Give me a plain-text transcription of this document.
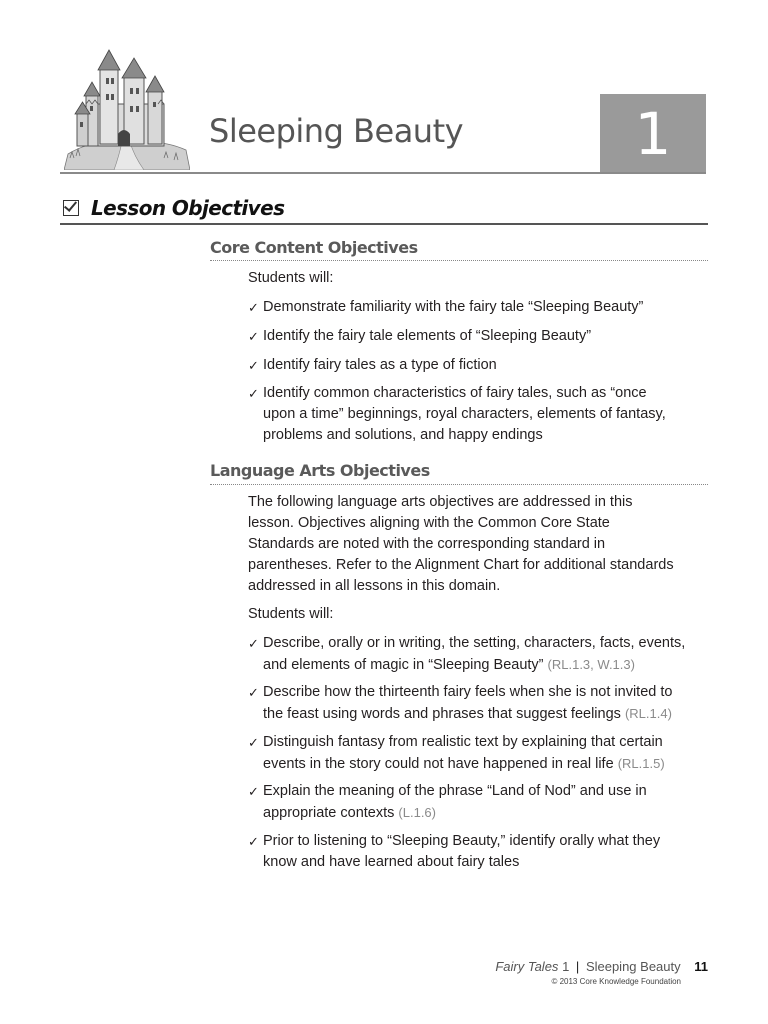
Sleeping Beauty	1
Lesson Objectives
Core Content Objectives
Students will:
✓ Demonstrate familiarity with the fairy tale “Sleeping Beauty”
✓ Identify the fairy tale elements of “Sleeping Beauty”
✓ Identify fairy tales as a type of fiction
✓ Identify common characteristics of fairy tales, such as “once
upon a time” beginnings, royal characters, elements of fantasy,
problems and solutions, and happy endings
Language Arts Objectives
The following language arts objectives are addressed in this
lesson. Objectives aligning with the Common Core State
Standards are noted with the corresponding standard in
parentheses. Refer to the Alignment Chart for additional standards
addressed in all lessons in this domain.
Students will:
✓ Describe, orally or in writing, the setting, characters, facts, events,
and elements of magic in “Sleeping Beauty” (RL.1.3, W.1.3)
✓ Describe how the thirteenth fairy feels when she is not invited to
the feast using words and phrases that suggest feelings (RL.1.4)
✓ Distinguish fantasy from realistic text by explaining that certain
events in the story could not have happened in real life (RL.1.5)
✓ Explain the meaning of the phrase “Land of Nod” and use in
appropriate contexts (L.1.6)
✓ Prior to listening to “Sleeping Beauty,” identify orally what they
know and have learned about fairy tales
Fairy Tales 1 | Sleeping Beauty 11
© 2013 Core Knowledge Foundation
